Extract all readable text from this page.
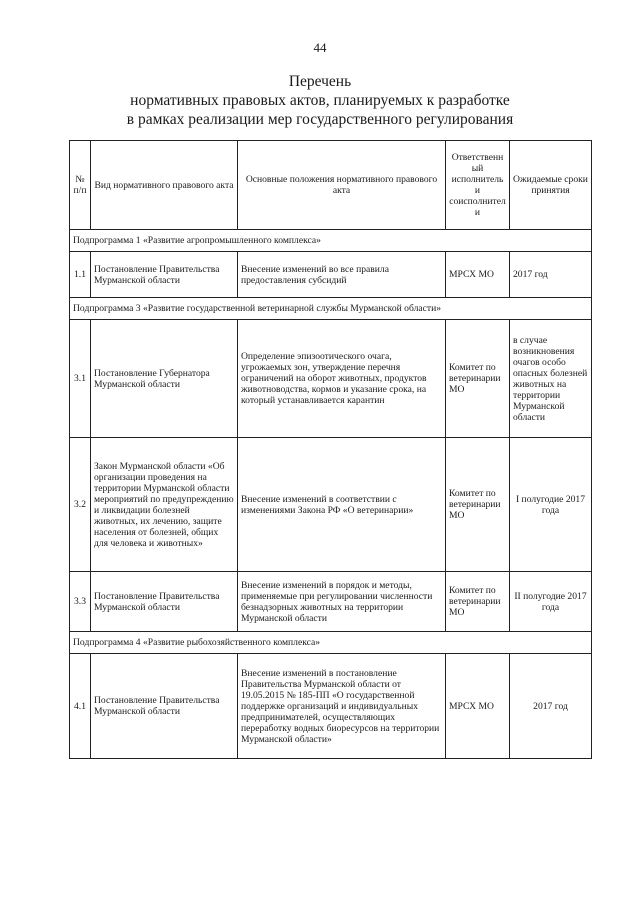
44
Перечень
нормативных правовых актов, планируемых к разработке
в рамках реализации мер государственного регулирования
№ п/п	Вид нормативного правового акта	Основные положения нормативного правового акта	Ответственный исполнитель и соисполнители	Ожидаемые сроки принятия
Подпрограмма 1 «Развитие агропромышленного комплекса»				
1.1	Постановление Правительства Мурманской области	Внесение изменений во все правила предоставления субсидий	МРСХ МО	2017 год
Подпрограмма 3 «Развитие государственной ветеринарной службы Мурманской области»				
3.1	Постановление Губернатора Мурманской области	Определение эпизоотического очага, угрожаемых зон, утверждение перечня ограничений на оборот животных, продуктов животноводства, кормов и указание срока, на который устанавливается карантин	Комитет по ветеринарии МО	в случае возникновения очагов особо опасных болезней животных на территории Мурманской области
3.2	Закон Мурманской области «Об организации проведения на территории Мурманской области мероприятий по предупреждению и ликвидации болезней животных, их лечению, защите населения от болезней, общих для человека и животных»	Внесение изменений в соответствии с изменениями Закона РФ «О ветеринарии»	Комитет по ветеринарии МО	I полугодие 2017 года
3.3	Постановление Правительства Мурманской области	Внесение изменений в порядок и методы, применяемые при регулировании численности безнадзорных животных на территории Мурманской области	Комитет по ветеринарии МО	II полугодие 2017 года
Подпрограмма 4 «Развитие рыбохозяйственного комплекса»				
4.1	Постановление Правительства Мурманской области	Внесение изменений в постановление Правительства Мурманской области от 19.05.2015 № 185-ПП «О государственной поддержке организаций и индивидуальных предпринимателей, осуществляющих переработку водных биоресурсов на территории Мурманской области»	МРСХ МО	2017 год
